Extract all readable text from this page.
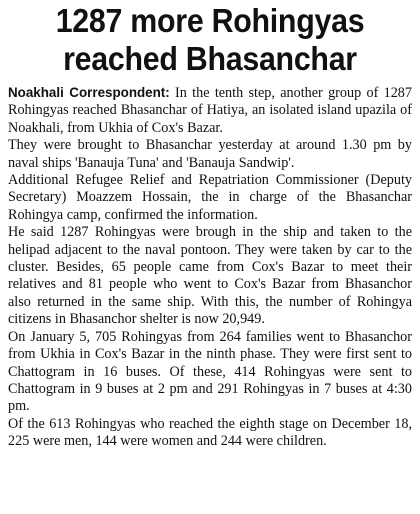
1287 more Rohingyas
reached Bhasanchar

Noakhali Correspondent: In the tenth step, another group of 1287 Rohingyas reached Bhasanchar of Hatiya, an isolated island upazila of Noakhali, from Ukhia of Cox's Bazar.

They were brought to Bhasanchar yesterday at around 1.30 pm by naval ships 'Banauja Tuna' and 'Banauja Sandwip'.

Additional Refugee Relief and Repatriation Commissioner (Deputy Secretary) Moazzem Hossain, the in charge of the Bhasanchar Rohingya camp, confirmed the information.

He said 1287 Rohingyas were brough in the ship and taken to the helipad adjacent to the naval pontoon. They were taken by car to the cluster. Besides, 65 people came from Cox's Bazar to meet their relatives and 81 people who went to Cox's Bazar from Bhasanchor also returned in the same ship. With this, the number of Rohingya citizens in Bhasanchor shelter is now 20,949.

On January 5, 705 Rohingyas from 264 families went to Bhasanchor from Ukhia in Cox's Bazar in the ninth phase. They were first sent to Chattogram in 16 buses. Of these, 414 Rohingyas were sent to Chattogram in 9 buses at 2 pm and 291 Rohingyas in 7 buses at 4:30 pm.

Of the 613 Rohingyas who reached the eighth stage on December 18, 225 were men, 144 were women and 244 were children.
